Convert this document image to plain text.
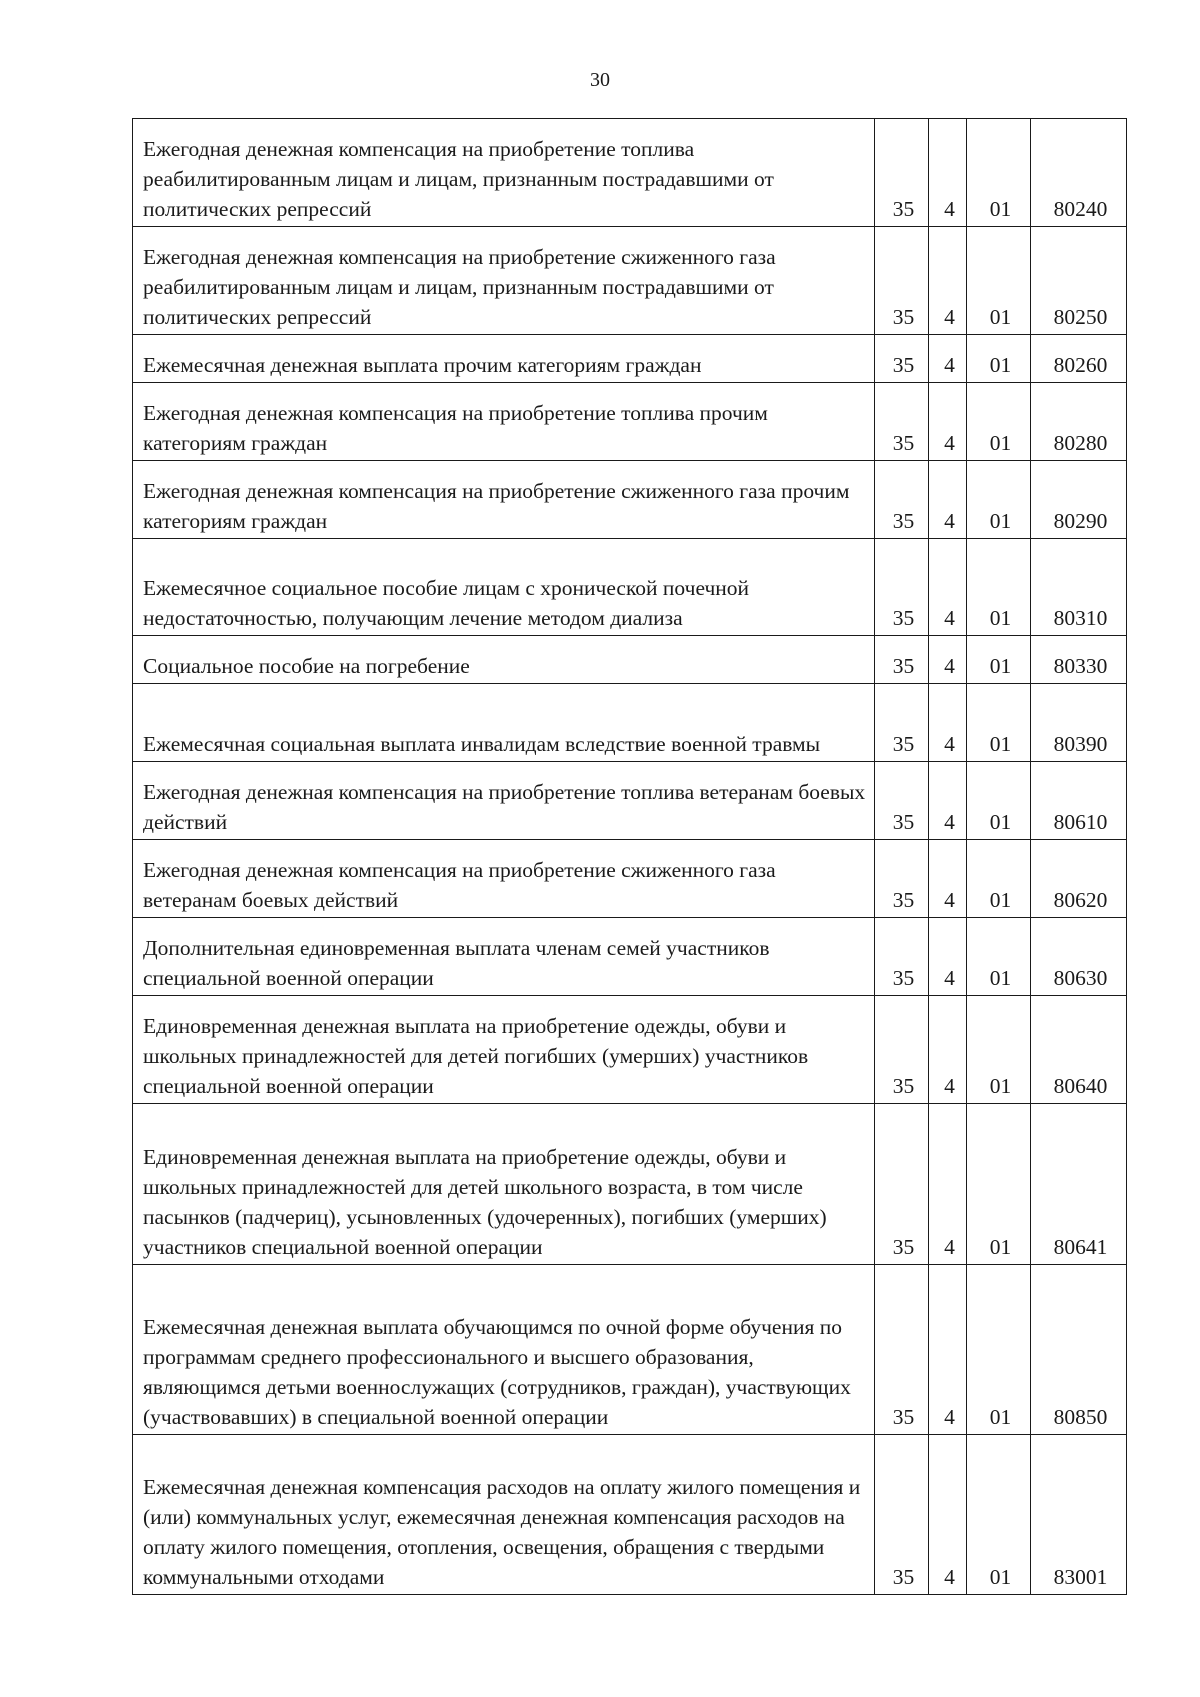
30
Ежегодная денежная компенсация на приобретение топлива реабилитированным лицам и лицам, признанным пострадавшими от политических репрессий	35	4	01	80240
Ежегодная денежная компенсация на приобретение сжиженного газа реабилитированным лицам и лицам, признанным пострадавшими от политических репрессий	35	4	01	80250
Ежемесячная денежная выплата прочим категориям граждан	35	4	01	80260
Ежегодная денежная компенсация на приобретение топлива прочим категориям граждан	35	4	01	80280
Ежегодная денежная компенсация на приобретение сжиженного газа прочим категориям граждан	35	4	01	80290
Ежемесячное социальное пособие лицам с хронической почечной недостаточностью, получающим лечение методом диализа	35	4	01	80310
Социальное пособие на погребение	35	4	01	80330
Ежемесячная социальная выплата инвалидам вследствие военной травмы	35	4	01	80390
Ежегодная денежная компенсация на приобретение топлива ветеранам боевых действий	35	4	01	80610
Ежегодная денежная компенсация на приобретение сжиженного газа ветеранам боевых действий	35	4	01	80620
Дополнительная единовременная выплата членам семей участников специальной военной операции	35	4	01	80630
Единовременная денежная выплата на приобретение одежды, обуви и школьных принадлежностей для детей погибших (умерших) участников специальной военной операции	35	4	01	80640
Единовременная денежная выплата на приобретение одежды, обуви и школьных принадлежностей для детей школьного возраста, в том числе пасынков (падчериц), усыновленных (удочеренных), погибших (умерших) участников специальной военной операции	35	4	01	80641
Ежемесячная денежная выплата обучающимся по очной форме обучения по программам среднего профессионального и высшего образования, являющимся детьми военнослужащих (сотрудников, граждан), участвующих (участвовавших) в специальной военной операции	35	4	01	80850
Ежемесячная денежная компенсация расходов на оплату жилого помещения и (или) коммунальных услуг, ежемесячная денежная компенсация расходов на оплату жилого помещения, отопления, освещения, обращения с твердыми коммунальными отходами	35	4	01	83001
